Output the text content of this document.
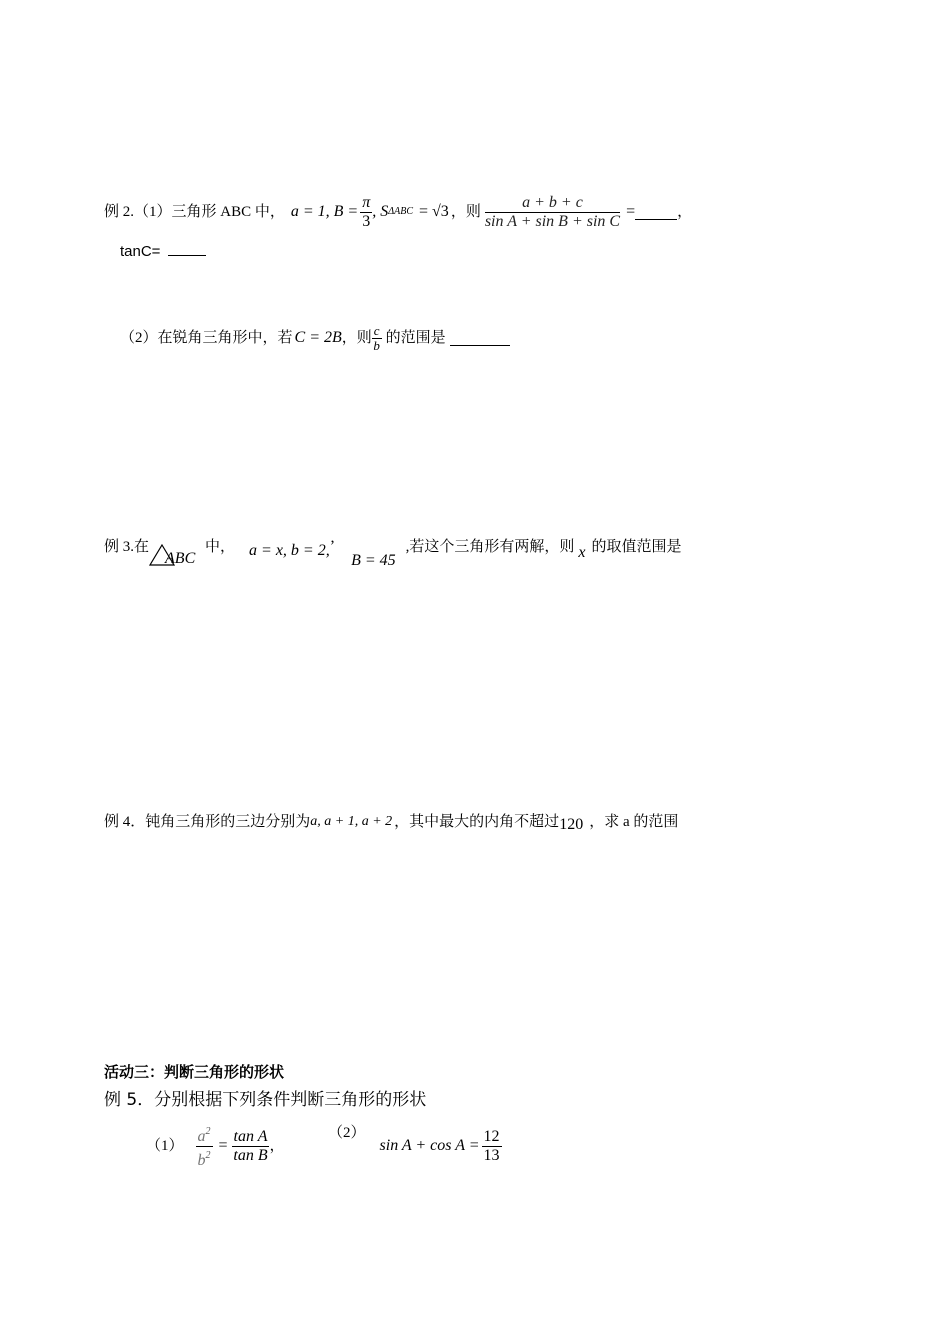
例 2.（1）三角形 ABC 中， a = 1, $B = \frac{\pi}{3}$ , S ΔABC = √3 ，则 $\frac{a + b + c}{\text{sin A + sin B + sin C}}$ =	，
tanC=
（2）在锐角三角形中，若 C = 2B ，则 $\frac{c}{b}$ 的范围是
例 3.在
ABC
中， a = x, b = 2, ’
B = 45
,若这个三角形有两解，则 x 的取值范围是
例 4．钝角三角形的三边分别为 a, a + 1, a + 2 ，其中最大的内角不超过 120 ，求 a 的范围
活动三：判断三角形的形状
例 5．分别根据下列条件判断三角形的形状
$(1) \frac{a^2}{b^2} = \frac{\text{tan A}}{\text{tan B}}$ ，
（2）
$\sin A + \cos A = \frac{12}{13}$
